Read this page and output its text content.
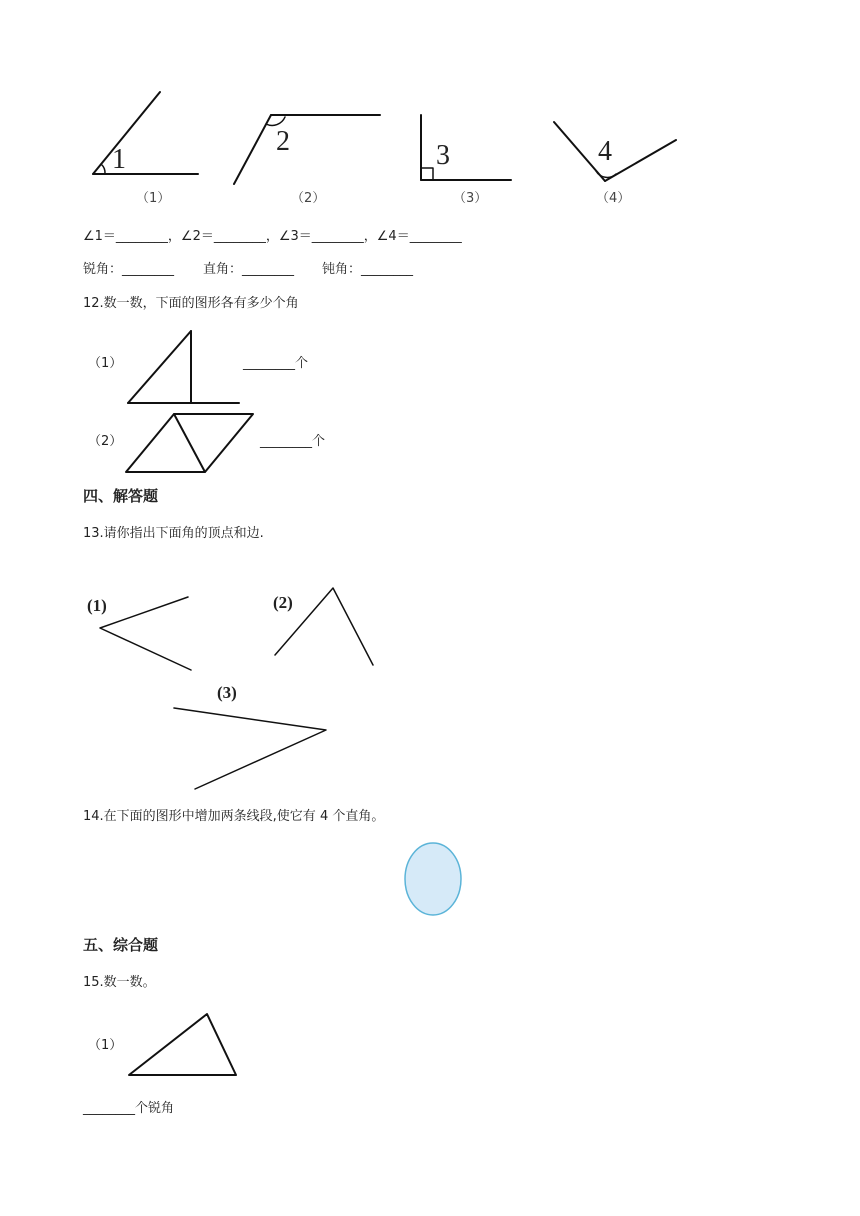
1
（1）
2
（2）
3
（3）
4
（4）
∠1＝________，∠2＝________，∠3＝________，∠4＝________
锐角：________ 直角：________ 钝角：________
12.数一数，下面的图形各有多少个角
（1）	________个
（2）	________个
四、解答题
13.请你指出下面角的顶点和边.
(1)	(2)
(3)
14.在下面的图形中增加两条线段,使它有 4 个直角。
五、综合题
15.数一数。
（1）
________个锐角
